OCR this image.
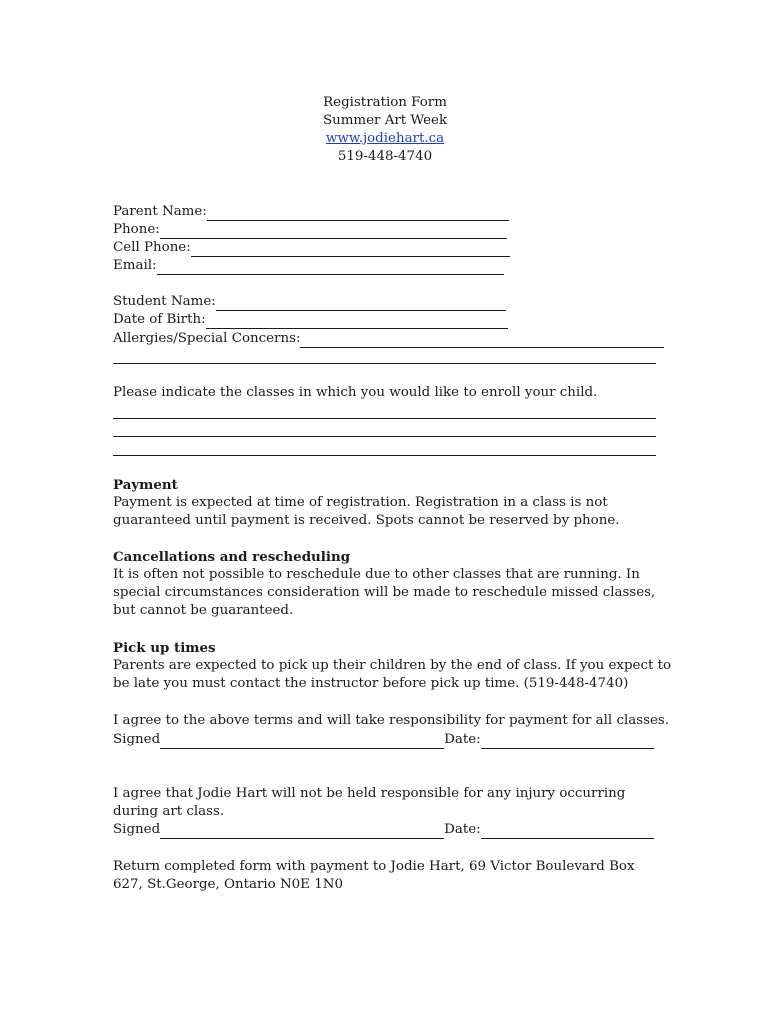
Registration Form
Summer Art Week
www.jodiehart.ca
519-448-4740
Parent Name:
Phone:
Cell Phone:
Email:
Student Name:
Date of Birth:
Allergies/Special Concerns:
Please indicate the classes in which you would like to enroll your child.
Payment
Payment is expected at time of registration. Registration in a class is not guaranteed until payment is received. Spots cannot be reserved by phone.
Cancellations and rescheduling
It is often not possible to reschedule due to other classes that are running. In special circumstances consideration will be made to reschedule missed classes, but cannot be guaranteed.
Pick up times
Parents are expected to pick up their children by the end of class. If you expect to be late you must contact the instructor before pick up time. (519-448-4740)
I agree to the above terms and will take responsibility for payment for all classes.
Signed	Date:
I agree that Jodie Hart will not be held responsible for any injury occurring during art class.
Signed	Date:
Return completed form with payment to Jodie Hart, 69 Victor Boulevard Box 627, St.George, Ontario N0E 1N0
